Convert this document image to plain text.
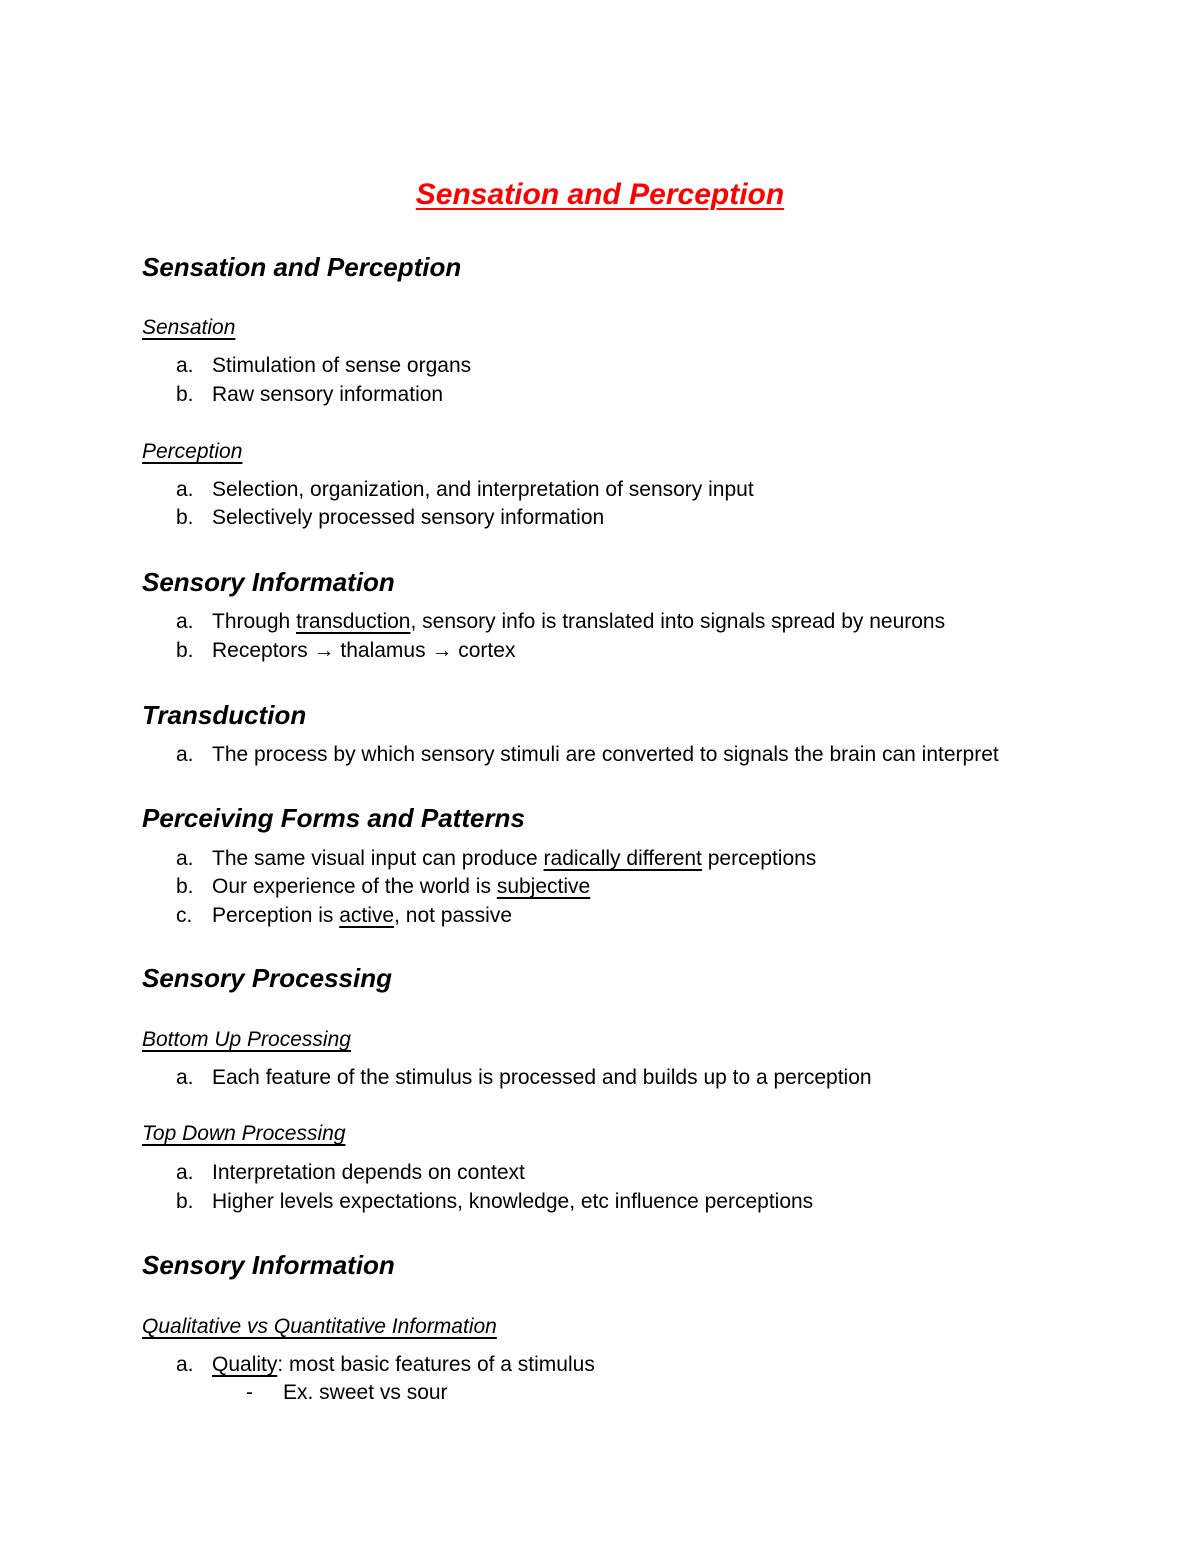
Sensation and Perception
Sensation and Perception
Sensation
a. Stimulation of sense organs
b. Raw sensory information
Perception
a. Selection, organization, and interpretation of sensory input
b. Selectively processed sensory information
Sensory Information
a. Through transduction, sensory info is translated into signals spread by neurons
b. Receptors → thalamus → cortex
Transduction
a. The process by which sensory stimuli are converted to signals the brain can interpret
Perceiving Forms and Patterns
a. The same visual input can produce radically different perceptions
b. Our experience of the world is subjective
c. Perception is active, not passive
Sensory Processing
Bottom Up Processing
a. Each feature of the stimulus is processed and builds up to a perception
Top Down Processing
a. Interpretation depends on context
b. Higher levels expectations, knowledge, etc influence perceptions
Sensory Information
Qualitative vs Quantitative Information
a. Quality: most basic features of a stimulus
- Ex. sweet vs sour
